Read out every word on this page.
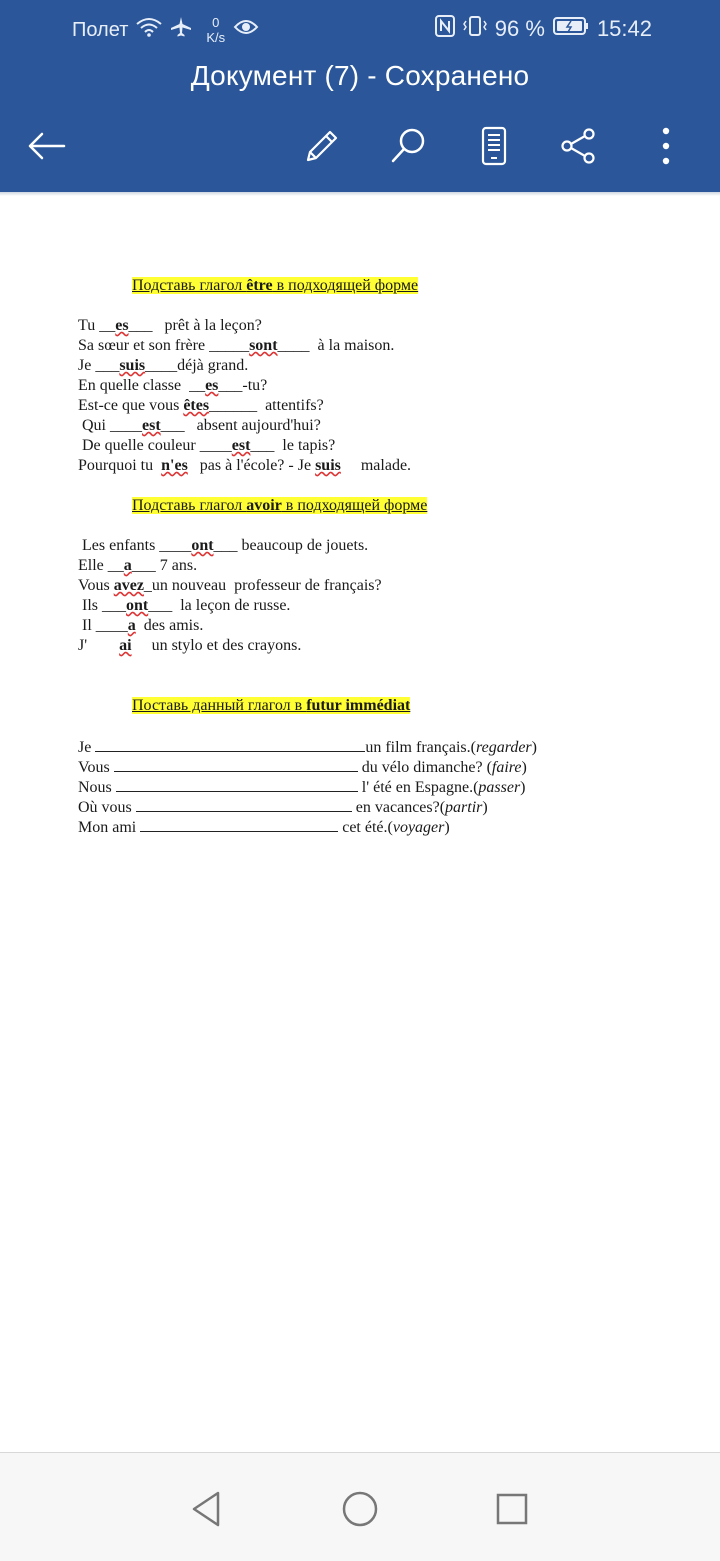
Полет	0
K/s	96 % 15:42
Документ (7) - Сохранено
Подставь глагол être в подходящей форме
Tu __es___   prêt à la leçon?
Sa sœur et son frère _____sont____  à la maison.
Je ___suis____déjà grand.
En quelle classe  __es___-tu?
Est-ce que vous êtes______  attentifs?
Qui ____est___   absent aujourd'hui?
De quelle couleur ____est___  le tapis?
Pourquoi tu  n'es   pas à l'école? - Je suis     malade.
Подставь глагол avoir в подходящей форме
Les enfants ____ont___ beaucoup de jouets.
Elle __a___ 7 ans.
Vous avez_un nouveau  professeur de français?
Ils ___ont___  la leçon de russe.
Il ____a  des amis.
J'        ai     un stylo et des crayons.
Поставь данный глагол в futur immédiat
Je	un film français.(regarder)
Vous	du vélo dimanche? (faire)
Nous	l' été en Espagne.(passer)
Où vous	en vacances?(partir)
Mon ami	cet été.(voyager)
